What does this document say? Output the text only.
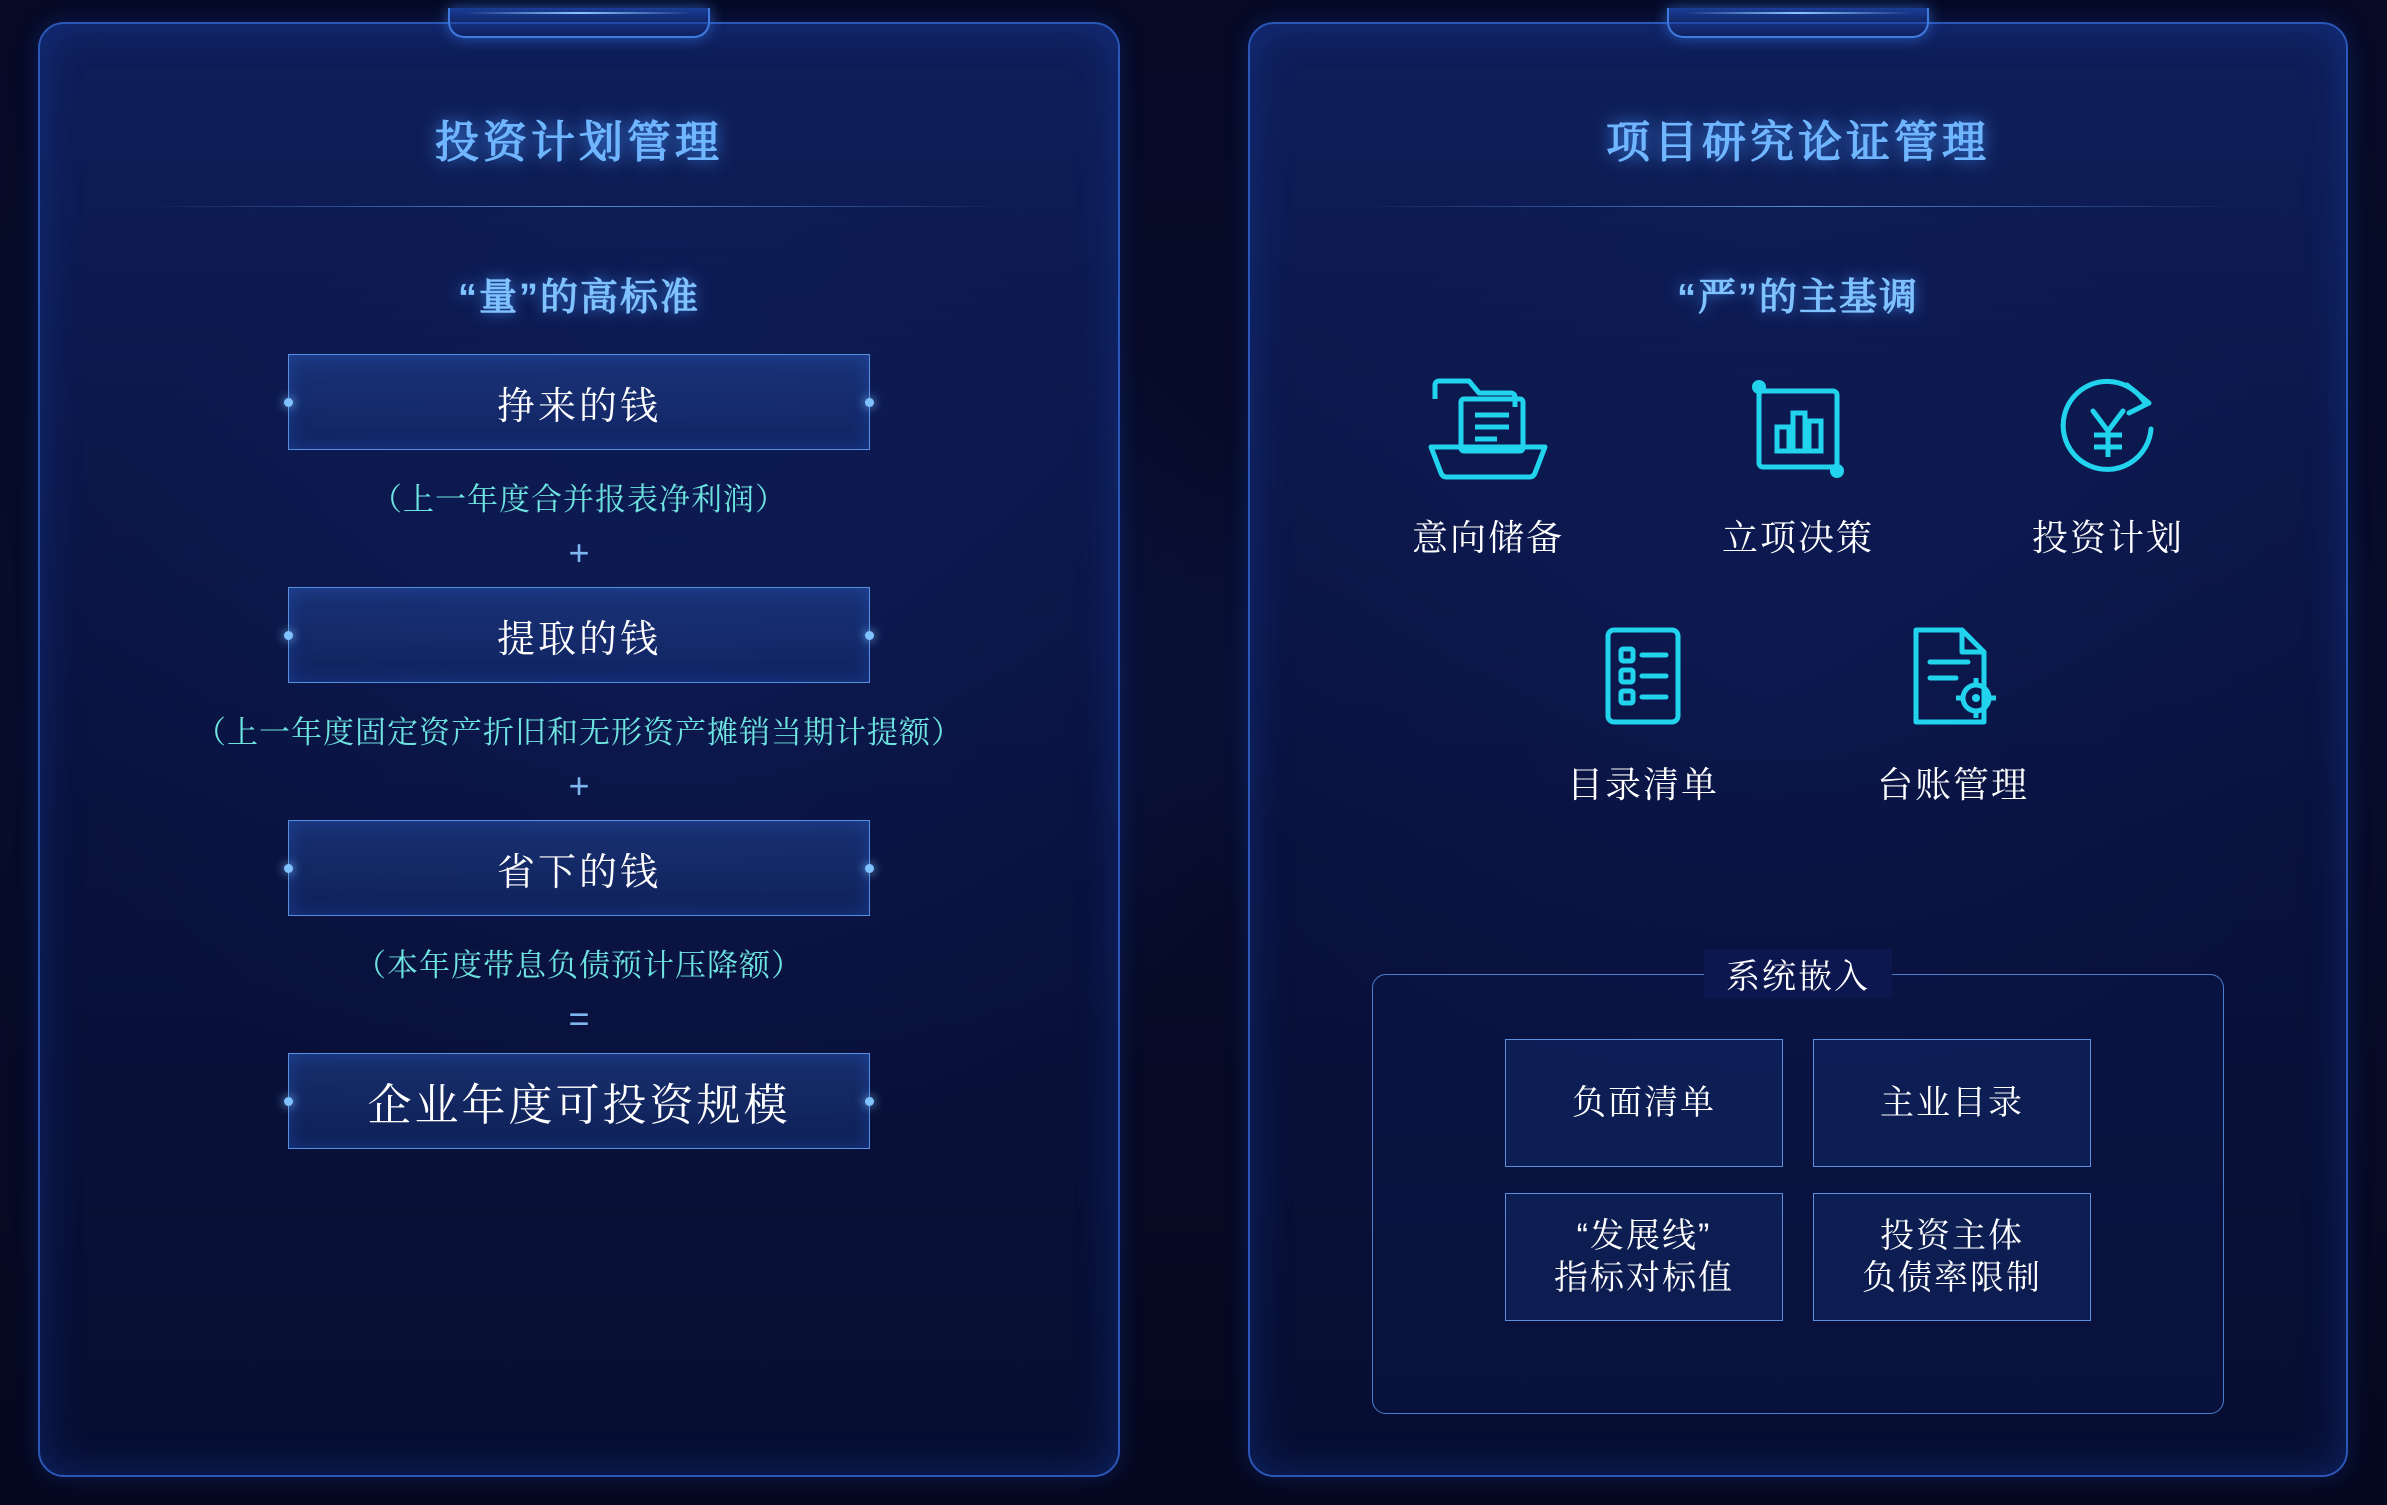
投资计划管理
“量”的高标准
挣来的钱
（上一年度合并报表净利润）
+
提取的钱
（上一年度固定资产折旧和无形资产摊销当期计提额）
+
省下的钱
（本年度带息负债预计压降额）
=
企业年度可投资规模
项目研究论证管理
“严”的主基调
意向储备	立项决策	投资计划
目录清单	台账管理
系统嵌入
负面清单	主业目录
“发展线”
指标对标值
投资主体
负债率限制
